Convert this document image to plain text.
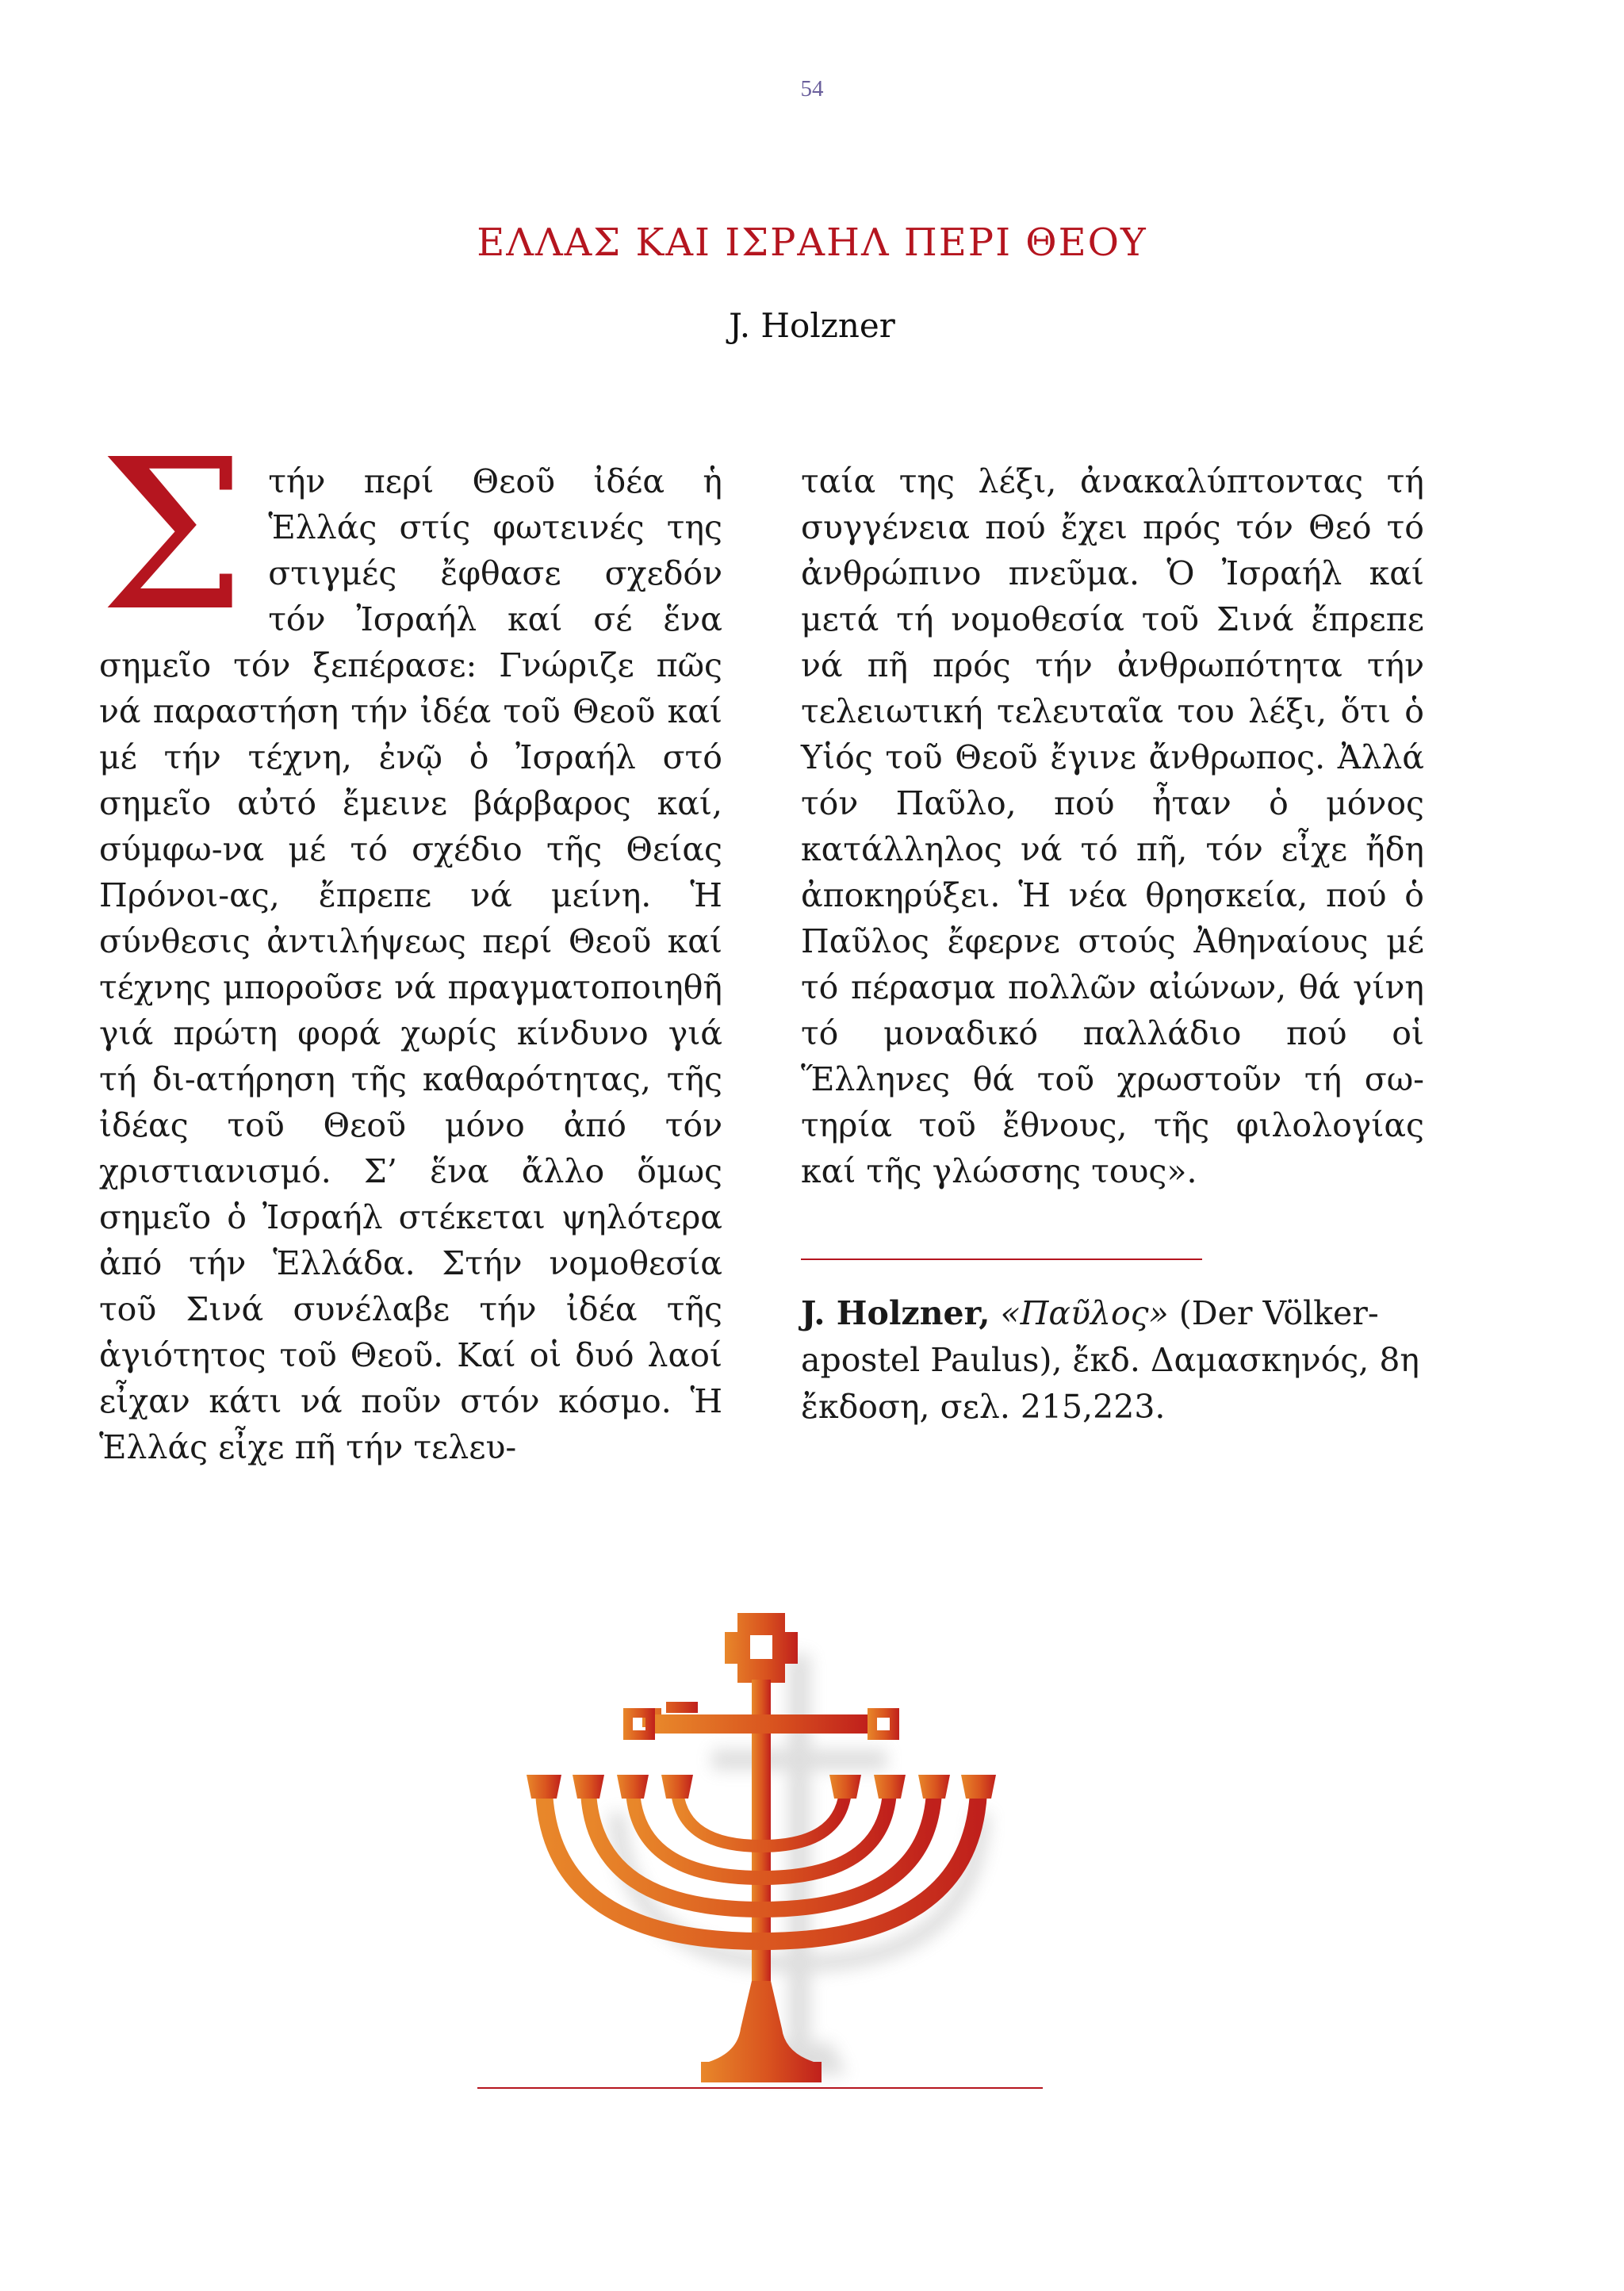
54
ΕΛΛΑΣ ΚΑΙ ΙΣΡΑΗΛ ΠΕΡΙ ΘΕΟΥ
J. Holzner

Στήν περί Θεοῦ ἰδέα ἡ Ἑλλάς στίς φωτεινές της στιγμές ἔφθασε σχεδόν τόν Ἰσραήλ καί σέ ἕνα σημεῖο τόν ξεπέρασε: Γνώριζε πῶς νά παραστήση τήν ἰδέα τοῦ Θεοῦ καί μέ τήν τέχνη, ἐνῷ ὁ Ἰσραήλ στό σημεῖο αὐτό ἔμεινε βάρβαρος καί, σύμφω-να μέ τό σχέδιο τῆς Θείας Πρόνοι-ας, ἔπρεπε νά μείνη. Ἡ σύνθεσις ἀντιλήψεως περί Θεοῦ καί τέχνης μποροῦσε νά πραγματοποιηθῆ γιά πρώτη φορά χωρίς κίνδυνο γιά τή δι-ατήρηση τῆς καθαρότητας, τῆς ἰδέας τοῦ Θεοῦ μόνο ἀπό τόν χριστιανισμό. Σ’ ἕνα ἄλλο ὅμως σημεῖο ὁ Ἰσραήλ στέκεται ψηλότερα ἀπό τήν Ἑλλάδα. Στήν νομοθεσία τοῦ Σινά συνέλαβε τήν ἰδέα τῆς ἁγιότητος τοῦ Θεοῦ. Καί οἱ δυό λαοί εἶχαν κάτι νά ποῦν στόν κόσμο. Ἡ Ἑλλάς εἶχε πῆ τήν τελευ-

ταία της λέξι, ἀνακαλύπτοντας τή συγγένεια πού ἔχει πρός τόν Θεό τό ἀνθρώπινο πνεῦμα. Ὁ Ἰσραήλ καί μετά τή νομοθεσία τοῦ Σινά ἔπρεπε νά πῆ πρός τήν ἀνθρωπότητα τήν τελειωτική τελευταῖα του λέξι, ὅτι ὁ Υἱός τοῦ Θεοῦ ἔγινε ἄνθρωπος. Ἀλλά τόν Παῦλο, πού ἦταν ὁ μόνος κατάλληλος νά τό πῆ, τόν εἶχε ἤδη ἀποκηρύξει. Ἡ νέα θρησκεία, πού ὁ Παῦλος ἔφερνε στούς Ἀθηναίους μέ τό πέρασμα πολλῶν αἰώνων, θά γίνη τό μοναδικό παλλάδιο πού οἱ Ἕλληνες θά τοῦ χρωστοῦν τή σω-τηρία τοῦ ἔθνους, τῆς φιλολογίας καί τῆς γλώσσης τους».

J. Holzner, «Παῦλος» (Der Völker-apostel Paulus), ἔκδ. Δαμασκηνός, 8η ἔκδοση, σελ. 215,223.
